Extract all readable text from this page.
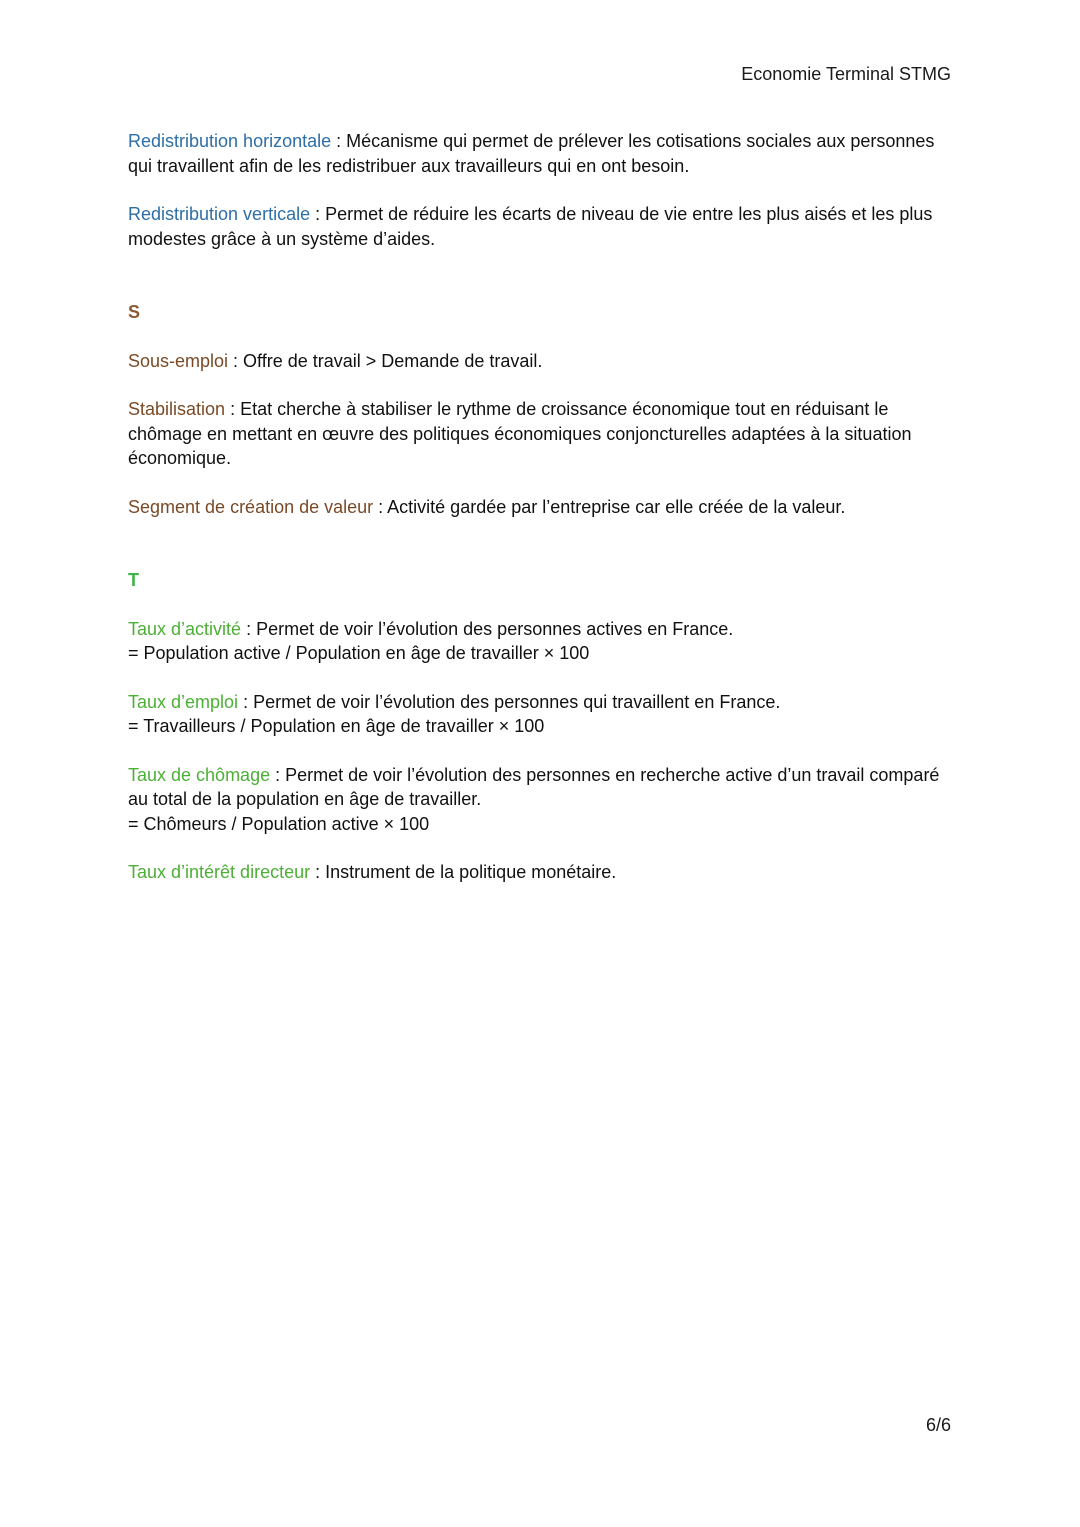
Economie Terminal STMG
Redistribution horizontale : Mécanisme qui permet de prélever les cotisations sociales aux personnes qui travaillent afin de les redistribuer aux travailleurs qui en ont besoin.
Redistribution verticale : Permet de réduire les écarts de niveau de vie entre les plus aisés et les plus modestes grâce à un système d’aides.
S
Sous-emploi : Offre de travail > Demande de travail.
Stabilisation : Etat cherche à stabiliser le rythme de croissance économique tout en réduisant le chômage en mettant en œuvre des politiques économiques conjoncturelles adaptées à la situation économique.
Segment de création de valeur : Activité gardée par l’entreprise car elle créée de la valeur.
T
Taux d’activité : Permet de voir l’évolution des personnes actives en France.
= Population active / Population en âge de travailler × 100
Taux d’emploi : Permet de voir l’évolution des personnes qui travaillent en France.
= Travailleurs / Population en âge de travailler × 100
Taux de chômage : Permet de voir l’évolution des personnes en recherche active d’un travail comparé au total de la population en âge de travailler.
= Chômeurs / Population active × 100
Taux d’intérêt directeur : Instrument de la politique monétaire.
6/6
